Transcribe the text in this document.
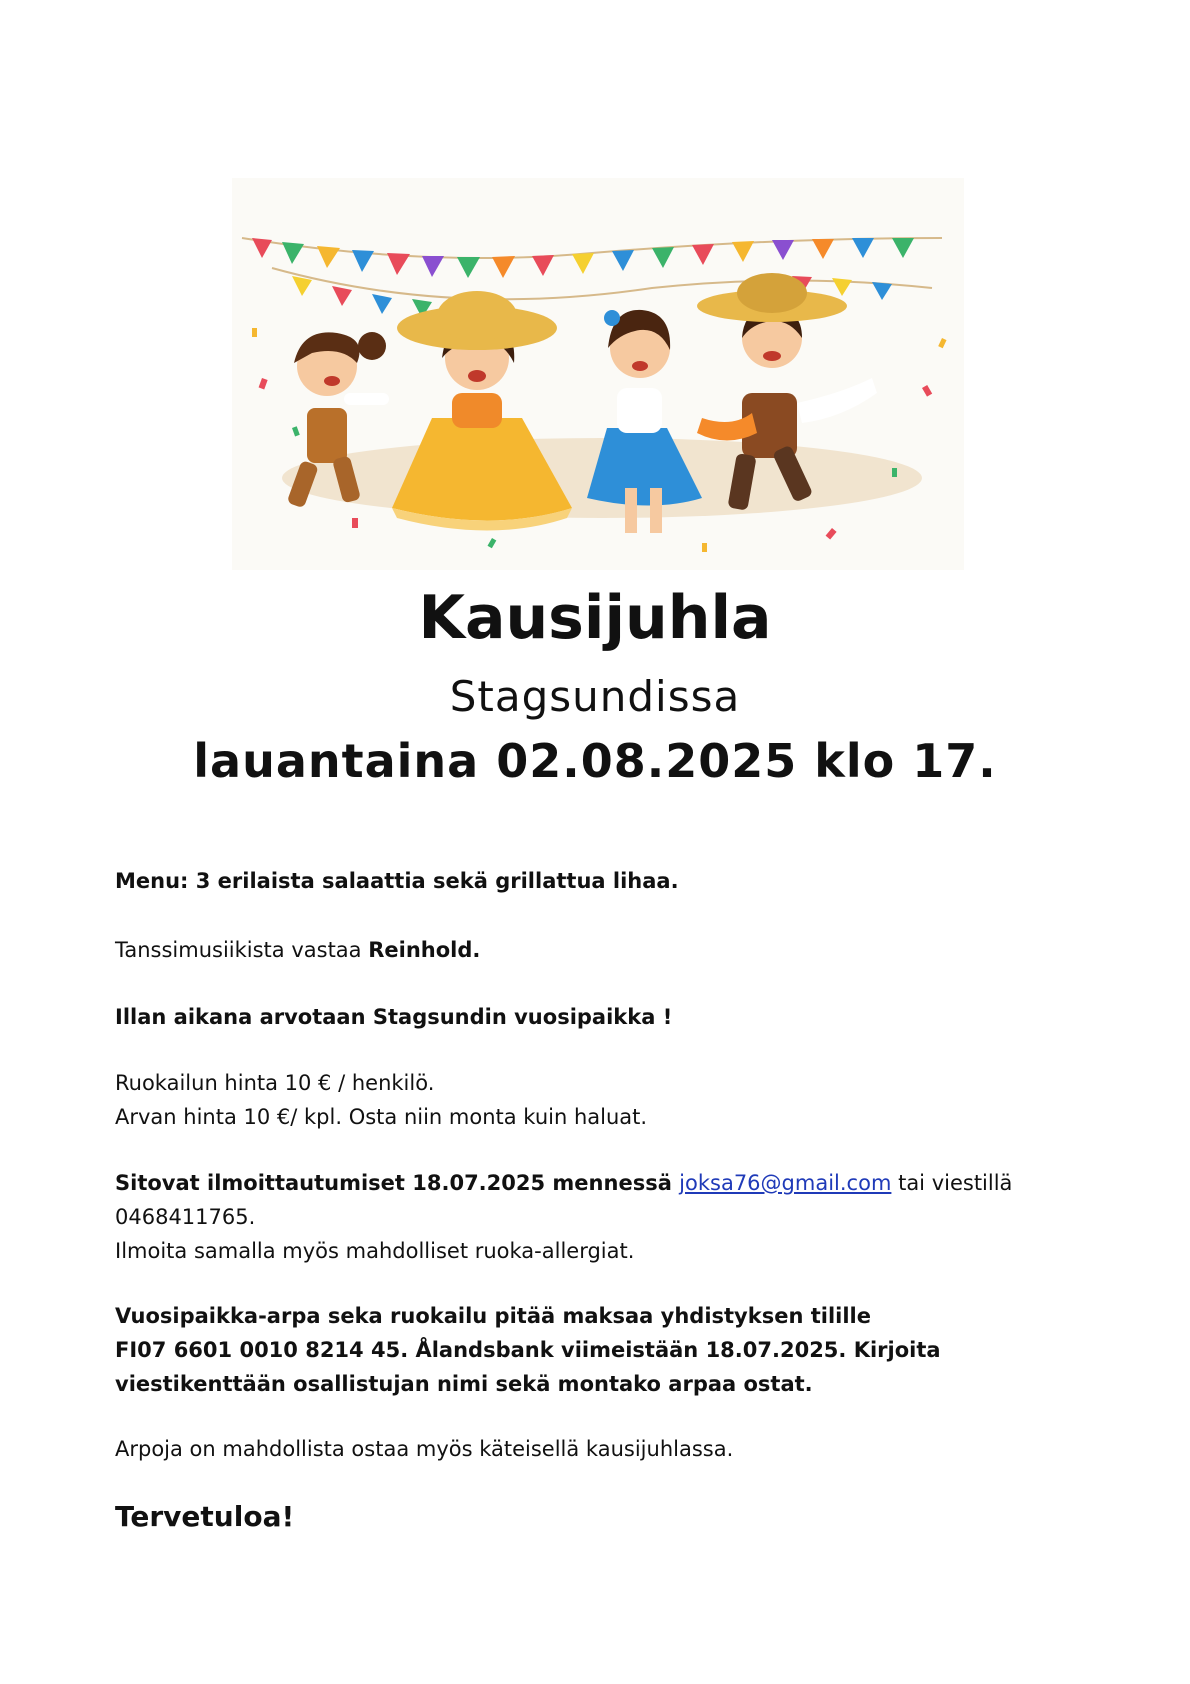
Kausijuhla
Stagsundissa
lauantaina 02.08.2025 klo 17.

Menu: 3 erilaista salaattia sekä grillattua lihaa.

Tanssimusiikista vastaa Reinhold.

Illan aikana arvotaan Stagsundin vuosipaikka !

Ruokailun hinta 10 € / henkilö.
Arvan hinta 10 €/ kpl. Osta niin monta kuin haluat.
Sitovat ilmoittautumiset 18.07.2025 mennessä joksa76@gmail.com tai viestillä
0468411765.
Ilmoita samalla myös mahdolliset ruoka-allergiat.
Vuosipaikka-arpa seka ruokailu pitää maksaa yhdistyksen tilille
FI07 6601 0010 8214 45. Ålandsbank viimeistään 18.07.2025. Kirjoita
viestikenttään osallistujan nimi sekä montako arpaa ostat.

Arpoja on mahdollista ostaa myös käteisellä kausijuhlassa.

Tervetuloa!
